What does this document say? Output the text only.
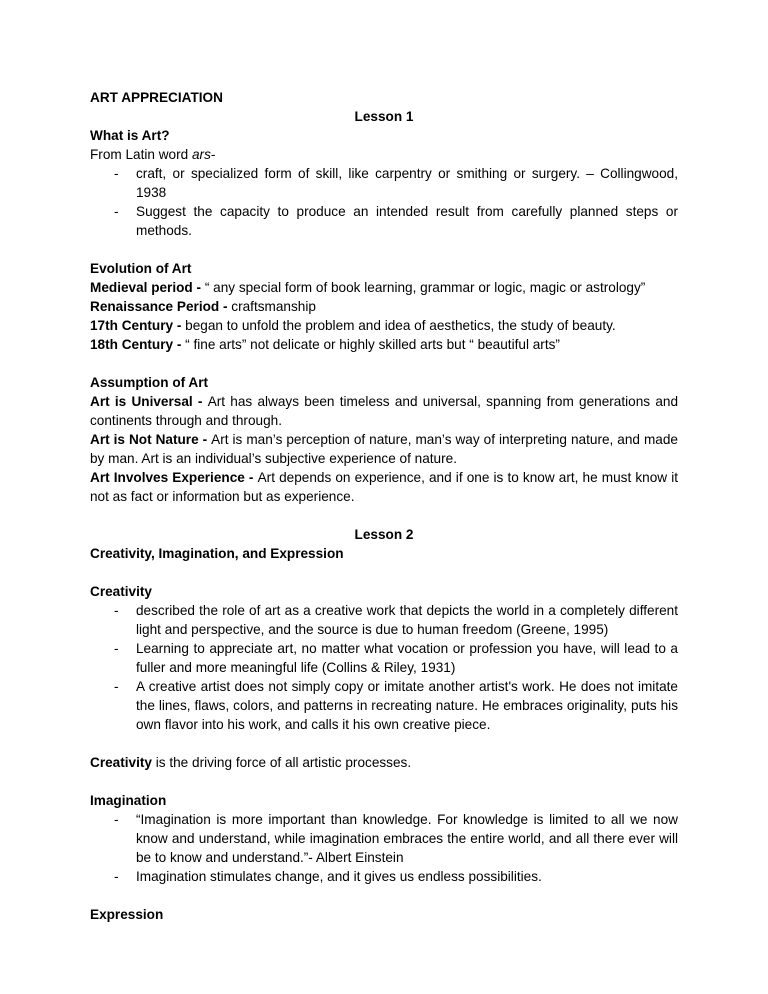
ART APPRECIATION

Lesson 1

What is Art?

From Latin word ars-

- craft, or specialized form of skill, like carpentry or smithing or surgery. – Collingwood, 1938
- Suggest the capacity to produce an intended result from carefully planned steps or methods.

Evolution of Art

Medieval period - “ any special form of book learning, grammar or logic, magic or astrology”

Renaissance Period - craftsmanship

17th Century - began to unfold the problem and idea of aesthetics, the study of beauty.

18th Century - “ fine arts” not delicate or highly skilled arts but “ beautiful arts”

Assumption of Art

Art is Universal - Art has always been timeless and universal, spanning from generations and continents through and through.

Art is Not Nature - Art is man’s perception of nature, man’s way of interpreting nature, and made by man. Art is an individual’s subjective experience of nature.

Art Involves Experience - Art depends on experience, and if one is to know art, he must know it not as fact or information but as experience.

Lesson 2

Creativity, Imagination, and Expression

Creativity

- described the role of art as a creative work that depicts the world in a completely different light and perspective, and the source is due to human freedom (Greene, 1995)
- Learning to appreciate art, no matter what vocation or profession you have, will lead to a fuller and more meaningful life (Collins & Riley, 1931)
- A creative artist does not simply copy or imitate another artist's work. He does not imitate the lines, flaws, colors, and patterns in recreating nature. He embraces originality, puts his own flavor into his work, and calls it his own creative piece.

Creativity is the driving force of all artistic processes.

Imagination

- “Imagination is more important than knowledge. For knowledge is limited to all we now know and understand, while imagination embraces the entire world, and all there ever will be to know and understand.”- Albert Einstein
- Imagination stimulates change, and it gives us endless possibilities.

Expression
